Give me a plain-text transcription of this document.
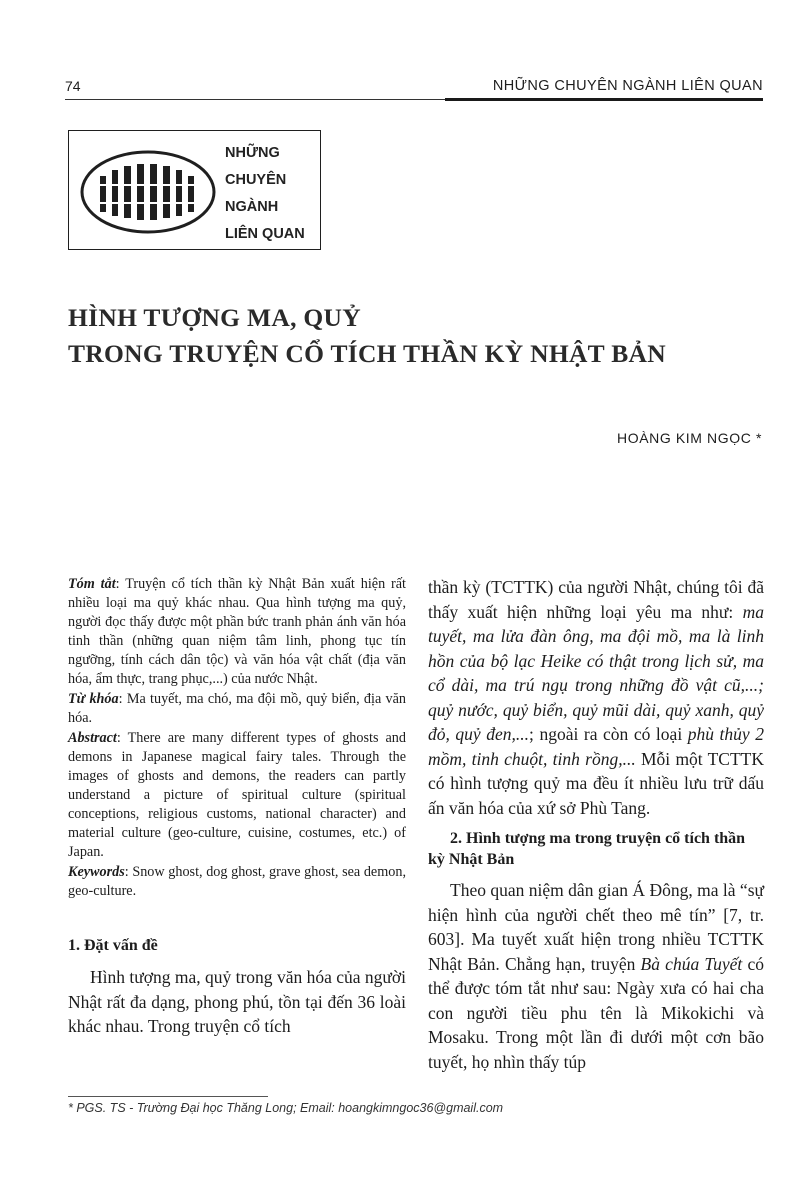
74	NHỮNG CHUYÊN NGÀNH LIÊN QUAN
NHỮNG
CHUYÊN
NGÀNH
LIÊN QUAN
HÌNH TƯỢNG MA, QUỶ
TRONG TRUYỆN CỔ TÍCH THẦN KỲ NHẬT BẢN
HOÀNG KIM NGỌC *

Tóm tắt: Truyện cổ tích thần kỳ Nhật Bản xuất hiện rất nhiều loại ma quỷ khác nhau. Qua hình tượng ma quỷ, người đọc thấy được một phần bức tranh phản ánh văn hóa tinh thần (những quan niệm tâm linh, phong tục tín ngưỡng, tính cách dân tộc) và văn hóa vật chất (địa văn hóa, ẩm thực, trang phục,...) của nước Nhật.

Từ khóa: Ma tuyết, ma chó, ma đội mồ, quỷ biển, địa văn hóa.

Abstract: There are many different types of ghosts and demons in Japanese magical fairy tales. Through the images of ghosts and demons, the readers can partly understand a picture of spiritual culture (spiritual conceptions, religious customs, national character) and material culture (geo-culture, cuisine, costumes, etc.) of Japan.

Keywords: Snow ghost, dog ghost, grave ghost, sea demon, geo-culture.

1. Đặt vấn đề

Hình tượng ma, quỷ trong văn hóa của người Nhật rất đa dạng, phong phú, tồn tại đến 36 loài khác nhau. Trong truyện cổ tích

thần kỳ (TCTTK) của người Nhật, chúng tôi đã thấy xuất hiện những loại yêu ma như: ma tuyết, ma lửa đàn ông, ma đội mồ, ma là linh hồn của bộ lạc Heike có thật trong lịch sử, ma cổ dài, ma trú ngụ trong những đồ vật cũ,...; quỷ nước, quỷ biển, quỷ mũi dài, quỷ xanh, quỷ đỏ, quỷ đen,...; ngoài ra còn có loại phù thủy 2 mồm, tinh chuột, tinh rồng,... Mỗi một TCTTK có hình tượng quỷ ma đều ít nhiều lưu trữ dấu ấn văn hóa của xứ sở Phù Tang.

2. Hình tượng ma trong truyện cổ tích thần kỳ Nhật Bản

Theo quan niệm dân gian Á Đông, ma là “sự hiện hình của người chết theo mê tín” [7, tr. 603]. Ma tuyết xuất hiện trong nhiều TCTTK Nhật Bản. Chẳng hạn, truyện Bà chúa Tuyết có thể được tóm tắt như sau: Ngày xưa có hai cha con người tiều phu tên là Mikokichi và Mosaku. Trong một lần đi dưới một cơn bão tuyết, họ nhìn thấy túp

* PGS. TS - Trường Đại học Thăng Long; Email: hoangkimngoc36@gmail.com
